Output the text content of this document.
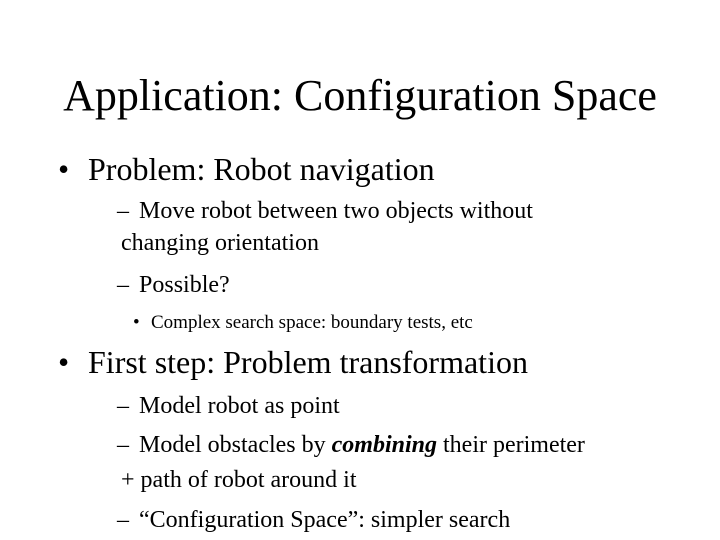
Application: Configuration Space
• Problem: Robot navigation
– Move robot between two objects without
changing orientation
– Possible?
• Complex search space: boundary tests, etc
• First step: Problem transformation
– Model robot as point
– Model obstacles by combining their perimeter
+ path of robot around it
– “Configuration Space”: simpler search
